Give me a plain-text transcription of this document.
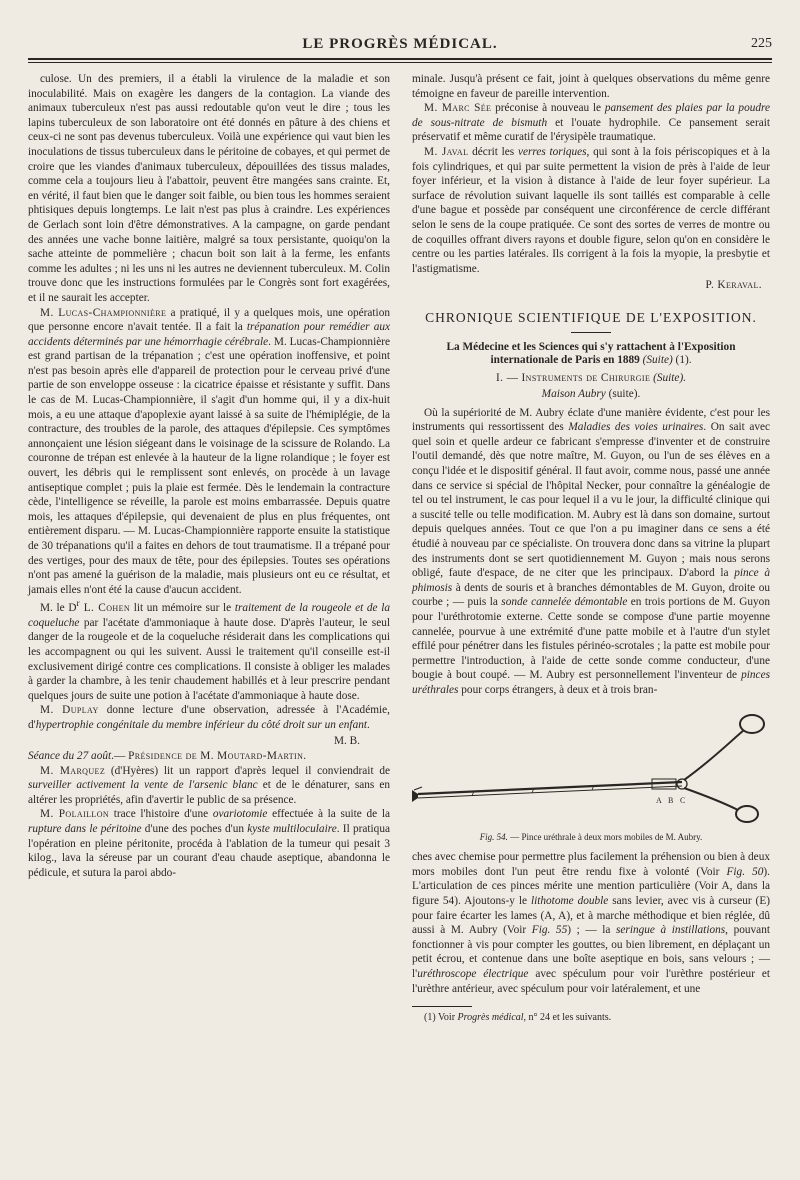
LE PROGRÈS MÉDICAL.	225

culose. Un des premiers, il a établi la virulence de la maladie et son inoculabilité. Mais on exagère les dangers de la contagion. La viande des animaux tuberculeux n'est pas aussi redoutable qu'on veut le dire ; tous les lapins tuberculeux de son laboratoire ont été donnés en pâture à des chiens et ceux-ci ne sont pas devenus tuberculeux. Voilà une expérience qui vaut bien les inoculations de tissus tuberculeux dans le péritoine de cobayes, et qui permet de croire que les viandes d'animaux tuberculeux, dépouillées des tissus malades, comme cela a toujours lieu à l'abattoir, peuvent être mangées sans crainte. Et, en vérité, il faut bien que le danger soit faible, ou bien tous les hommes seraient phtisiques depuis longtemps. Le lait n'est pas plus à craindre. Les expériences de Gerlach sont loin d'être démonstratives. A la campagne, on garde pendant des années une vache bonne laitière, malgré sa toux persistante, quoiqu'on la sache atteinte de pommelière ; chacun boit son lait à la ferme, les enfants comme les adultes ; ni les uns ni les autres ne deviennent tuberculeux. M. Colin trouve donc que les instructions formulées par le Congrès sont fort exagérées, et il ne saurait les accepter.

M. Lucas-Championnière a pratiqué, il y a quelques mois, une opération que personne encore n'avait tentée. Il a fait la trépanation pour remédier aux accidents déterminés par une hémorrhagie cérébrale. M. Lucas-Championnière est grand partisan de la trépanation ; c'est une opération inoffensive, et point n'est pas besoin après elle d'appareil de protection pour le cerveau privé d'une partie de son enveloppe osseuse : la cicatrice épaisse et résistante y suffit. Dans le cas de M. Lucas-Championnière, il s'agit d'un homme qui, il y a dix-huit mois, a eu une attaque d'apoplexie ayant laissé à sa suite de l'hémiplégie, de la contracture, des troubles de la parole, des attaques d'épilepsie. Ces symptômes annonçaient une lésion siégeant dans le voisinage de la scissure de Rolando. La couronne de trépan est enlevée à la hauteur de la ligne rolandique ; le foyer est ouvert, les débris qui le remplissent sont enlevés, on procède à un lavage antiseptique complet ; puis la plaie est fermée. Dès le lendemain la contracture cède, l'intelligence se réveille, la parole est moins embarrassée. Depuis quatre mois, les attaques d'épilepsie, qui devenaient de plus en plus fréquentes, ont entièrement disparu. — M. Lucas-Championnière rapporte ensuite la statistique de 30 trépanations qu'il a faites en dehors de tout traumatisme. Il a trépané pour des vertiges, pour des maux de tête, pour des épilepsies. Toutes ses opérations n'ont pas amené la guérison de la maladie, mais plusieurs ont eu ce résultat, et jamais elles n'ont été la cause d'aucun accident.

M. le $D^r$ L. Cohen lit un mémoire sur le traitement de la rougeole et de la coqueluche par l'acétate d'ammoniaque à haute dose. D'après l'auteur, le seul danger de la rougeole et de la coqueluche résiderait dans les complications qui les accompagnent ou qui les suivent. Aussi le traitement qu'il conseille est-il exclusivement dirigé contre ces complications. Il consiste à obliger les malades à garder la chambre, à les tenir chaudement habillés et à leur prescrire pendant quelques jours de suite une potion à l'acétate d'ammoniaque à haute dose.

M. Duplay donne lecture d'une observation, adressée à l'Académie, d'hypertrophie congénitale du membre inférieur du côté droit sur un enfant.

M. B.

Séance du 27 août.— Présidence de M. Moutard-Martin.

M. Marquez (d'Hyères) lit un rapport d'après lequel il conviendrait de surveiller activement la vente de l'arsenic blanc et de le dénaturer, sans en altérer les propriétés, afin d'avertir le public de sa présence.

M. Polaillon trace l'histoire d'une ovariotomie effectuée à la suite de la rupture dans le péritoine d'une des poches d'un kyste multiloculaire. Il pratiqua l'opération en pleine péritonite, procéda à l'ablation de la tumeur qui pesait 3 kilog., lava la séreuse par un courant d'eau chaude aseptique, abandonna le pédicule, et sutura la paroi abdo-

minale. Jusqu'à présent ce fait, joint à quelques observations du même genre témoigne en faveur de pareille intervention.

M. Marc Sée préconise à nouveau le pansement des plaies par la poudre de sous-nitrate de bismuth et l'ouate hydrophile. Ce pansement serait préservatif et même curatif de l'érysipèle traumatique.

M. Javal décrit les verres toriques, qui sont à la fois périscopiques et à la fois cylindriques, et qui par suite permettent la vision de près à l'aide de leur foyer inférieur, et la vision à distance à l'aide de leur foyer supérieur. La surface de révolution suivant laquelle ils sont taillés est comparable à celle d'une bague et possède par conséquent une circonférence de cercle différant selon le sens de la coupe pratiquée. Ce sont des sortes de verres de montre ou de coquilles offrant divers rayons et double figure, selon qu'on en considère le centre ou les parties latérales. Ils corrigent à la fois la myopie, la presbytie et l'astigmatisme.

P. Keraval.
CHRONIQUE SCIENTIFIQUE DE L'EXPOSITION.
La Médecine et les Sciences qui s'y rattachent à l'Exposition internationale de Paris en 1889 (Suite) (1).
I. — Instruments de Chirurgie (Suite).
Maison Aubry (suite).

Où la supériorité de M. Aubry éclate d'une manière évidente, c'est pour les instruments qui ressortissent des Maladies des voies urinaires. On sait avec quel soin et quelle ardeur ce fabricant s'empresse d'inventer et de construire l'outil demandé, dès que notre maître, M. Guyon, ou l'un de ses élèves en a conçu l'idée et le dispositif général. Il faut avoir, comme nous, passé une année dans ce service si spécial de l'hôpital Necker, pour connaître la généalogie de tel ou tel instrument, le cas pour lequel il a vu le jour, la difficulté clinique qui a suscité telle ou telle modification. M. Aubry est là dans son domaine, surtout depuis quelques années. Tout ce que l'on a pu imaginer dans ce sens a été étudié à nouveau par ce spécialiste. On trouvera donc dans sa vitrine la plupart des instruments dont se sert quotidiennement M. Guyon ; mais nous serons obligé, faute d'espace, de ne citer que les principaux. D'abord la pince à phimosis à dents de souris et à branches démontables de M. Guyon, droite ou courbe ; — puis la sonde cannelée démontable en trois portions de M. Guyon pour l'uréthrotomie externe. Cette sonde se compose d'une partie moyenne cannelée, pourvue à une extrémité d'une patte mobile et à l'autre d'un stylet effilé pour pénétrer dans les fistules périnéo-scrotales ; la patte est mobile pour permettre l'introduction, à l'aide de cette sonde comme conducteur, d'une bougie à bout coupé. — M. Aubry est personnellement l'inventeur de pinces uréthrales pour corps étrangers, à deux et à trois bran-

A B C
Fig. 54. — Pince uréthrale à deux mors mobiles de M. Aubry.

ches avec chemise pour permettre plus facilement la préhension ou bien à deux mors mobiles dont l'un peut être rendu fixe à volonté (Voir Fig. 50). L'articulation de ces pinces mérite une mention particulière (Voir A, dans la figure 54). Ajoutons-y le lithotome double sans levier, avec vis à curseur (E) pour faire écarter les lames (A, A), et à marche méthodique et bien réglée, dû aussi à M. Aubry (Voir Fig. 55) ; — la seringue à instillations, pouvant fonctionner à vis pour compter les gouttes, ou bien librement, en déplaçant un petit écrou, et contenue dans une boîte aseptique en bois, sans velours ; — l'uréthroscope électrique avec spéculum pour voir l'urèthre postérieur et l'urèthre antérieur, avec spéculum pour voir latéralement, et une

(1) Voir Progrès médical, n° 24 et les suivants.
